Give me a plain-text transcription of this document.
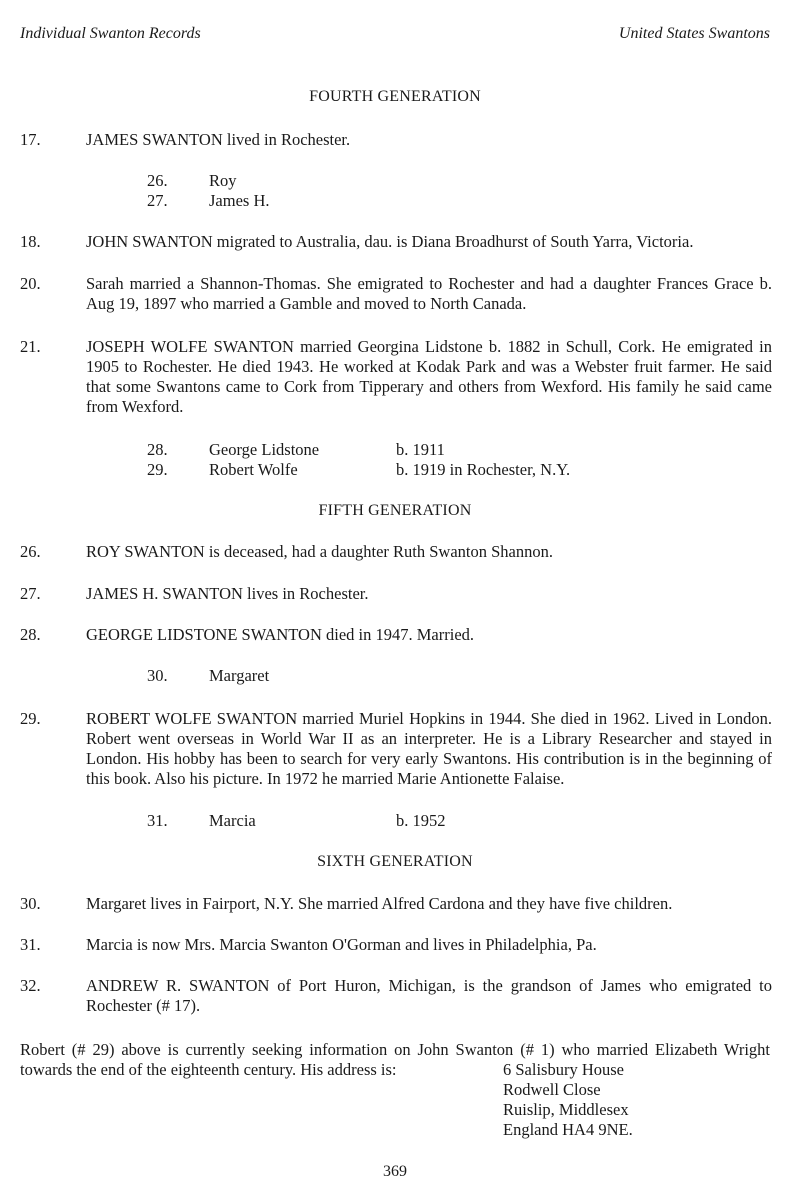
Individual Swanton Records	United States Swantons
FOURTH GENERATION
17.	JAMES SWANTON lived in Rochester.
26.	Roy
27.	James H.
18.	JOHN SWANTON migrated to Australia, dau. is Diana Broadhurst of South Yarra, Victoria.
20.	Sarah married a Shannon-Thomas. She emigrated to Rochester and had a daughter Frances Grace b. Aug 19, 1897 who married a Gamble and moved to North Canada.
21.	JOSEPH WOLFE SWANTON married Georgina Lidstone b. 1882 in Schull, Cork. He emigrated in 1905 to Rochester. He died 1943. He worked at Kodak Park and was a Webster fruit farmer. He said that some Swantons came to Cork from Tipperary and others from Wexford. His family he said came from Wexford.
28.	George Lidstone	b. 1911
29.	Robert Wolfe	b. 1919 in Rochester, N.Y.
FIFTH GENERATION
26.	ROY SWANTON is deceased, had a daughter Ruth Swanton Shannon.
27.	JAMES H. SWANTON lives in Rochester.
28.	GEORGE LIDSTONE SWANTON died in 1947. Married.
30.	Margaret
29.	ROBERT WOLFE SWANTON married Muriel Hopkins in 1944. She died in 1962. Lived in London. Robert went overseas in World War II as an interpreter. He is a Library Researcher and stayed in London. His hobby has been to search for very early Swantons. His contribution is in the beginning of this book. Also his picture. In 1972 he married Marie Antionette Falaise.
31.	Marcia	b. 1952
SIXTH GENERATION
30.	Margaret lives in Fairport, N.Y. She married Alfred Cardona and they have five children.
31.	Marcia is now Mrs. Marcia Swanton O'Gorman and lives in Philadelphia, Pa.
32.	ANDREW R. SWANTON of Port Huron, Michigan, is the grandson of James who emigrated to Rochester (# 17).
Robert (# 29) above is currently seeking information on John Swanton (# 1) who married Elizabeth Wright towards the end of the eighteenth century. His address is:	6 Salisbury House
Rodwell Close
Ruislip, Middlesex
England HA4 9NE.
369
